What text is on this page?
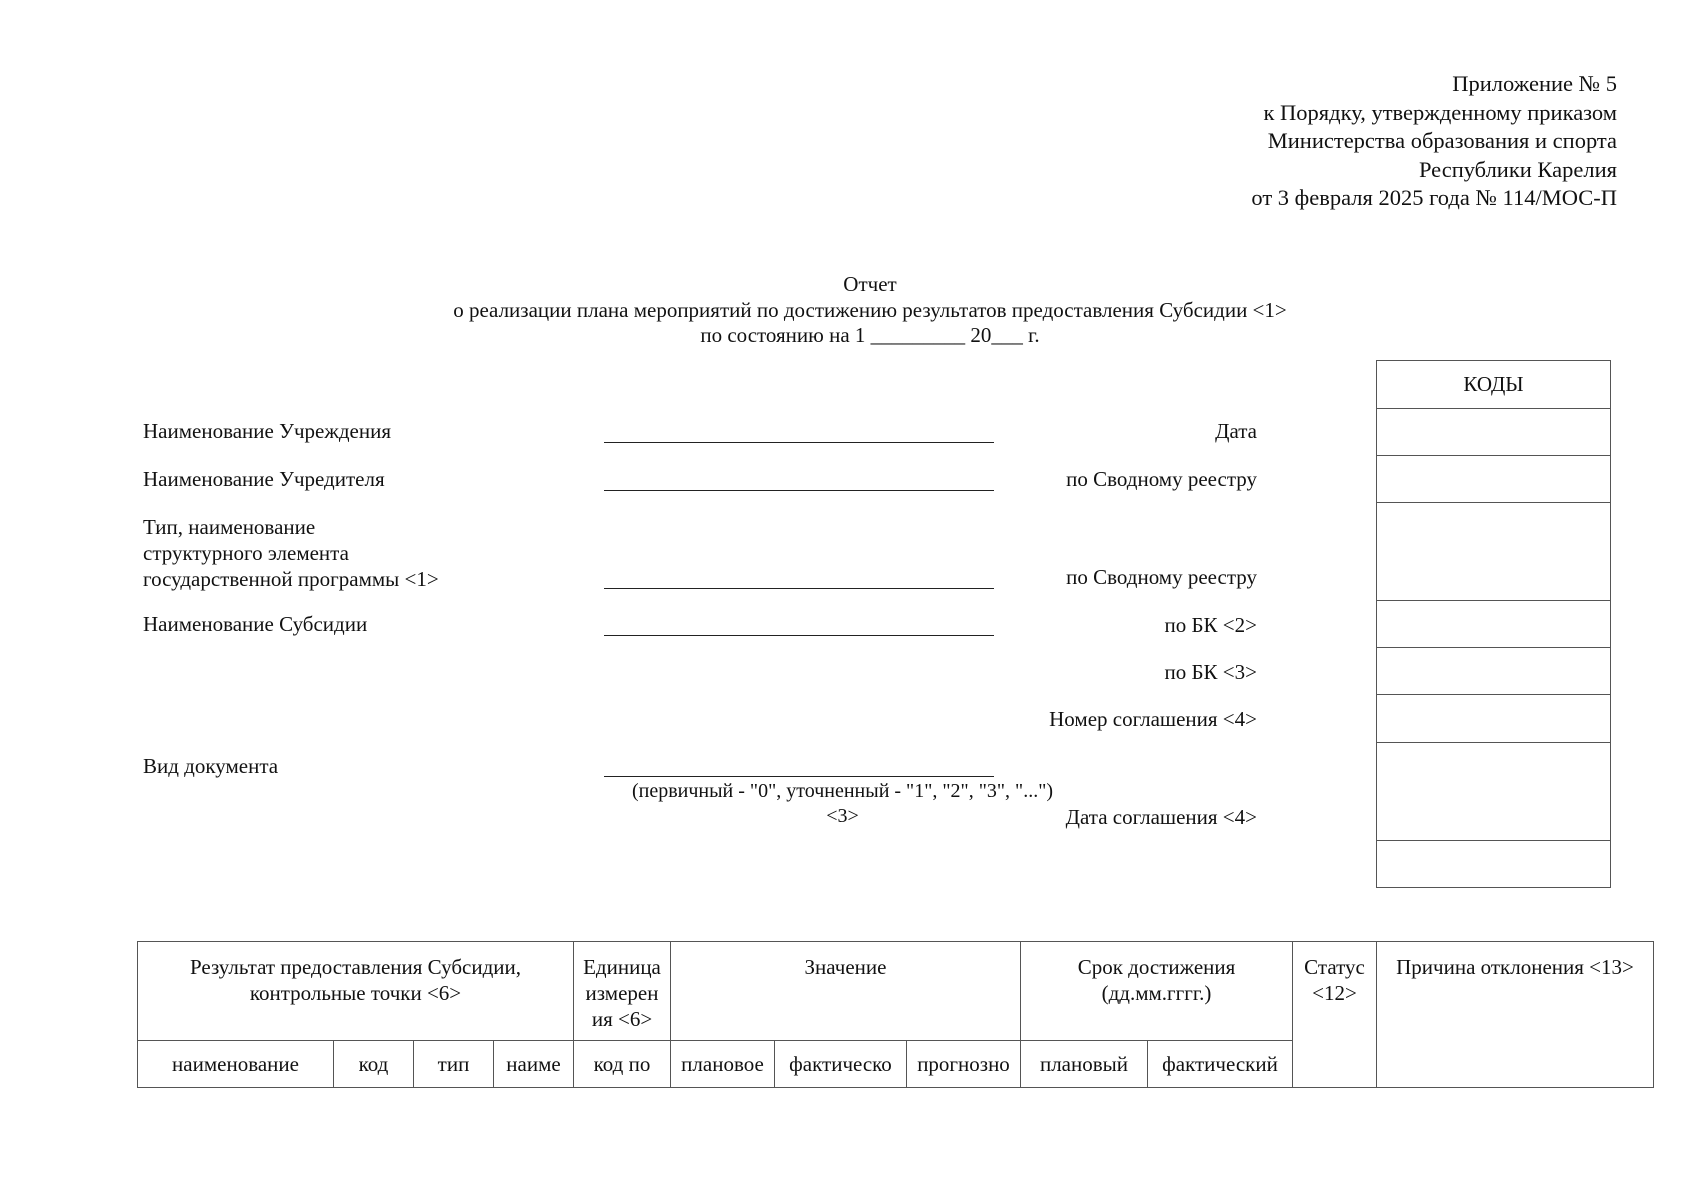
Приложение № 5
к Порядку, утвержденному приказом
Министерства образования и спорта
Республики Карелия
от 3 февраля 2025 года № 114/МОС-П
Отчет
о реализации плана мероприятий по достижению результатов предоставления Субсидии <1>
по состоянию на 1 _________ 20___ г.
Наименование Учреждения
Наименование Учредителя
Тип, наименование
структурного элемента
государственной программы <1>
Наименование Субсидии
Вид документа
(первичный - "0", уточненный - "1", "2", "3", "...")
<3>
Дата
по Сводному реестру
по Сводному реестру
по БК <2>
по БК <3>
Номер соглашения <4>
Дата соглашения <4>
КОДЫ
Результат предоставления Субсидии, контрольные точки <6>				Единица измерен ия <6>	Значение			Срок достижения (дд.мм.гггг.)		Статус <12>	Причина отклонения <13>
наименование	код	тип	наиме	код по	плановое	фактическо	прогнозно	плановый	фактический		
